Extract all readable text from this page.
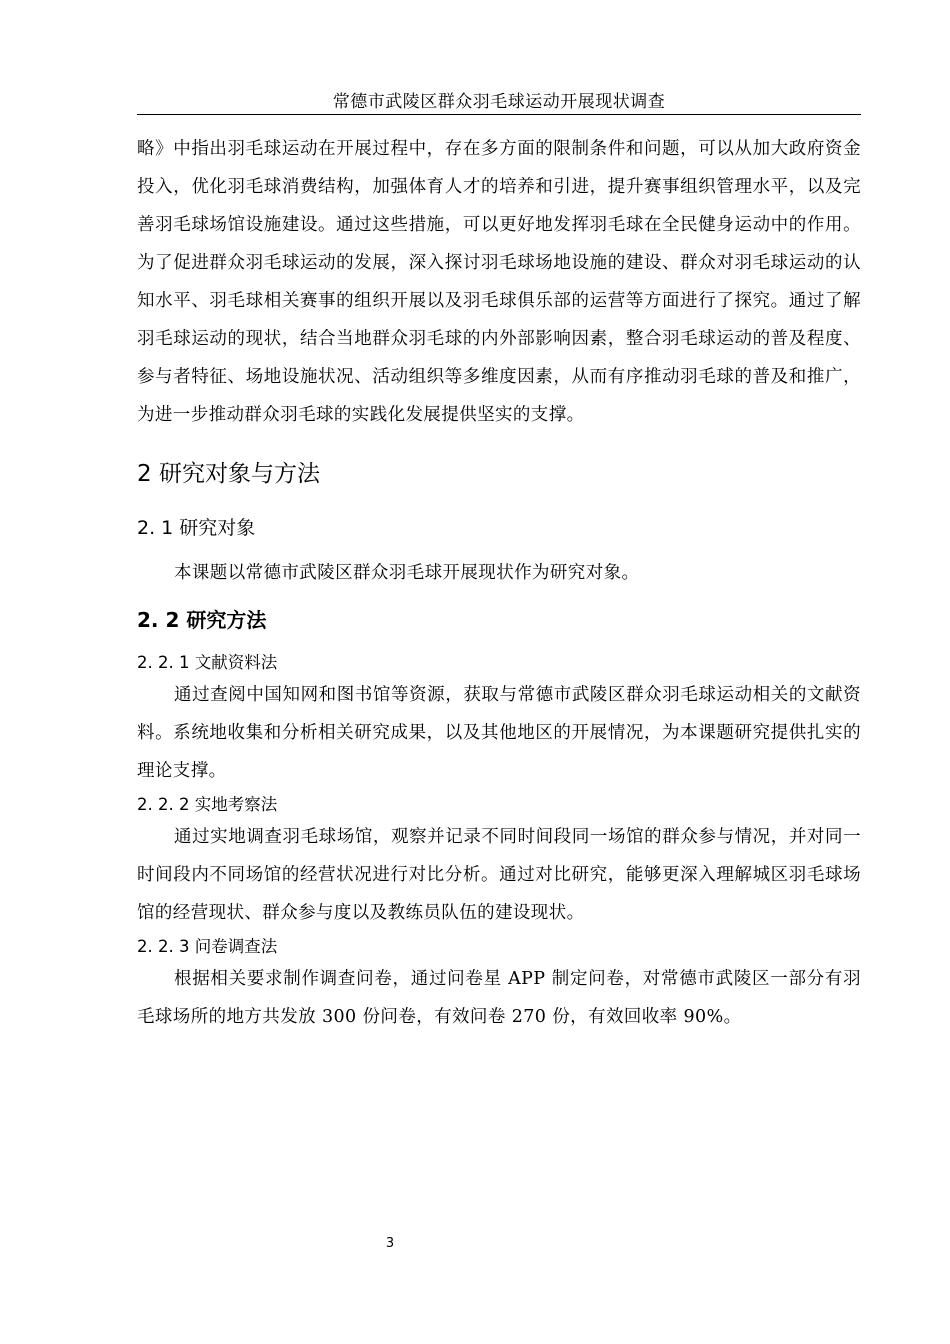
常德市武陵区群众羽毛球运动开展现状调查

略》中指出羽毛球运动在开展过程中，存在多方面的限制条件和问题，可以从加大政府资金投入，优化羽毛球消费结构，加强体育人才的培养和引进，提升赛事组织管理水平，以及完善羽毛球场馆设施建设。通过这些措施，可以更好地发挥羽毛球在全民健身运动中的作用。为了促进群众羽毛球运动的发展，深入探讨羽毛球场地设施的建设、群众对羽毛球运动的认知水平、羽毛球相关赛事的组织开展以及羽毛球俱乐部的运营等方面进行了探究。通过了解羽毛球运动的现状，结合当地群众羽毛球的内外部影响因素，整合羽毛球运动的普及程度、参与者特征、场地设施状况、活动组织等多维度因素，从而有序推动羽毛球的普及和推广，为进一步推动群众羽毛球的实践化发展提供坚实的支撑。

2 研究对象与方法
2. 1 研究对象

本课题以常德市武陵区群众羽毛球开展现状作为研究对象。

2. 2 研究方法
2. 2. 1 文献资料法

通过查阅中国知网和图书馆等资源，获取与常德市武陵区群众羽毛球运动相关的文献资料。系统地收集和分析相关研究成果，以及其他地区的开展情况，为本课题研究提供扎实的理论支撑。

2. 2. 2 实地考察法

通过实地调查羽毛球场馆，观察并记录不同时间段同一场馆的群众参与情况，并对同一时间段内不同场馆的经营状况进行对比分析。通过对比研究，能够更深入理解城区羽毛球场馆的经营现状、群众参与度以及教练员队伍的建设现状。

2. 2. 3 问卷调查法

根据相关要求制作调查问卷，通过问卷星 APP 制定问卷，对常德市武陵区一部分有羽毛球场所的地方共发放 300 份问卷，有效问卷 270 份，有效回收率 90%。

3
